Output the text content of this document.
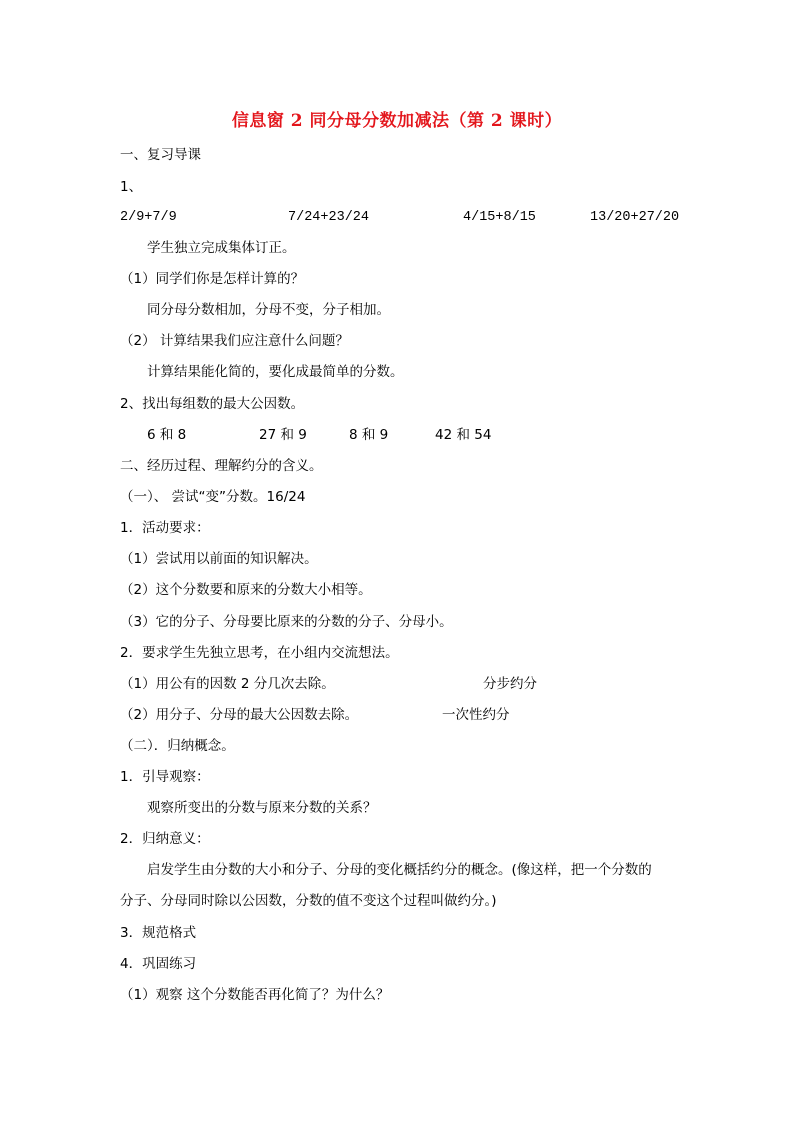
信息窗 2 同分母分数加减法（第 2 课时）
一、复习导课
1、
2/9+7/9	7/24+23/24	4/15+8/15	13/20+27/20
学生独立完成集体订正。
（1）同学们你是怎样计算的？
同分母分数相加，分母不变，分子相加。
（2） 计算结果我们应注意什么问题？
计算结果能化简的，要化成最简单的分数。
2、找出每组数的最大公因数。
6 和 8	27 和 9	8 和 9	42 和 54
二、经历过程、理解约分的含义。
（一）、 尝试“变”分数。16/24
1．活动要求：
（1）尝试用以前面的知识解决。
（2）这个分数要和原来的分数大小相等。
（3）它的分子、分母要比原来的分数的分子、分母小。
2．要求学生先独立思考，在小组内交流想法。
（1）用公有的因数 2 分几次去除。	分步约分
（2）用分子、分母的最大公因数去除。	一次性约分
（二）．归纳概念。
1．引导观察：
观察所变出的分数与原来分数的关系？
2．归纳意义：
启发学生由分数的大小和分子、分母的变化概括约分的概念。(像这样，把一个分数的
分子、分母同时除以公因数，分数的值不变这个过程叫做约分。)
3．规范格式
4．巩固练习
（1）观察 这个分数能否再化简了？为什么？
